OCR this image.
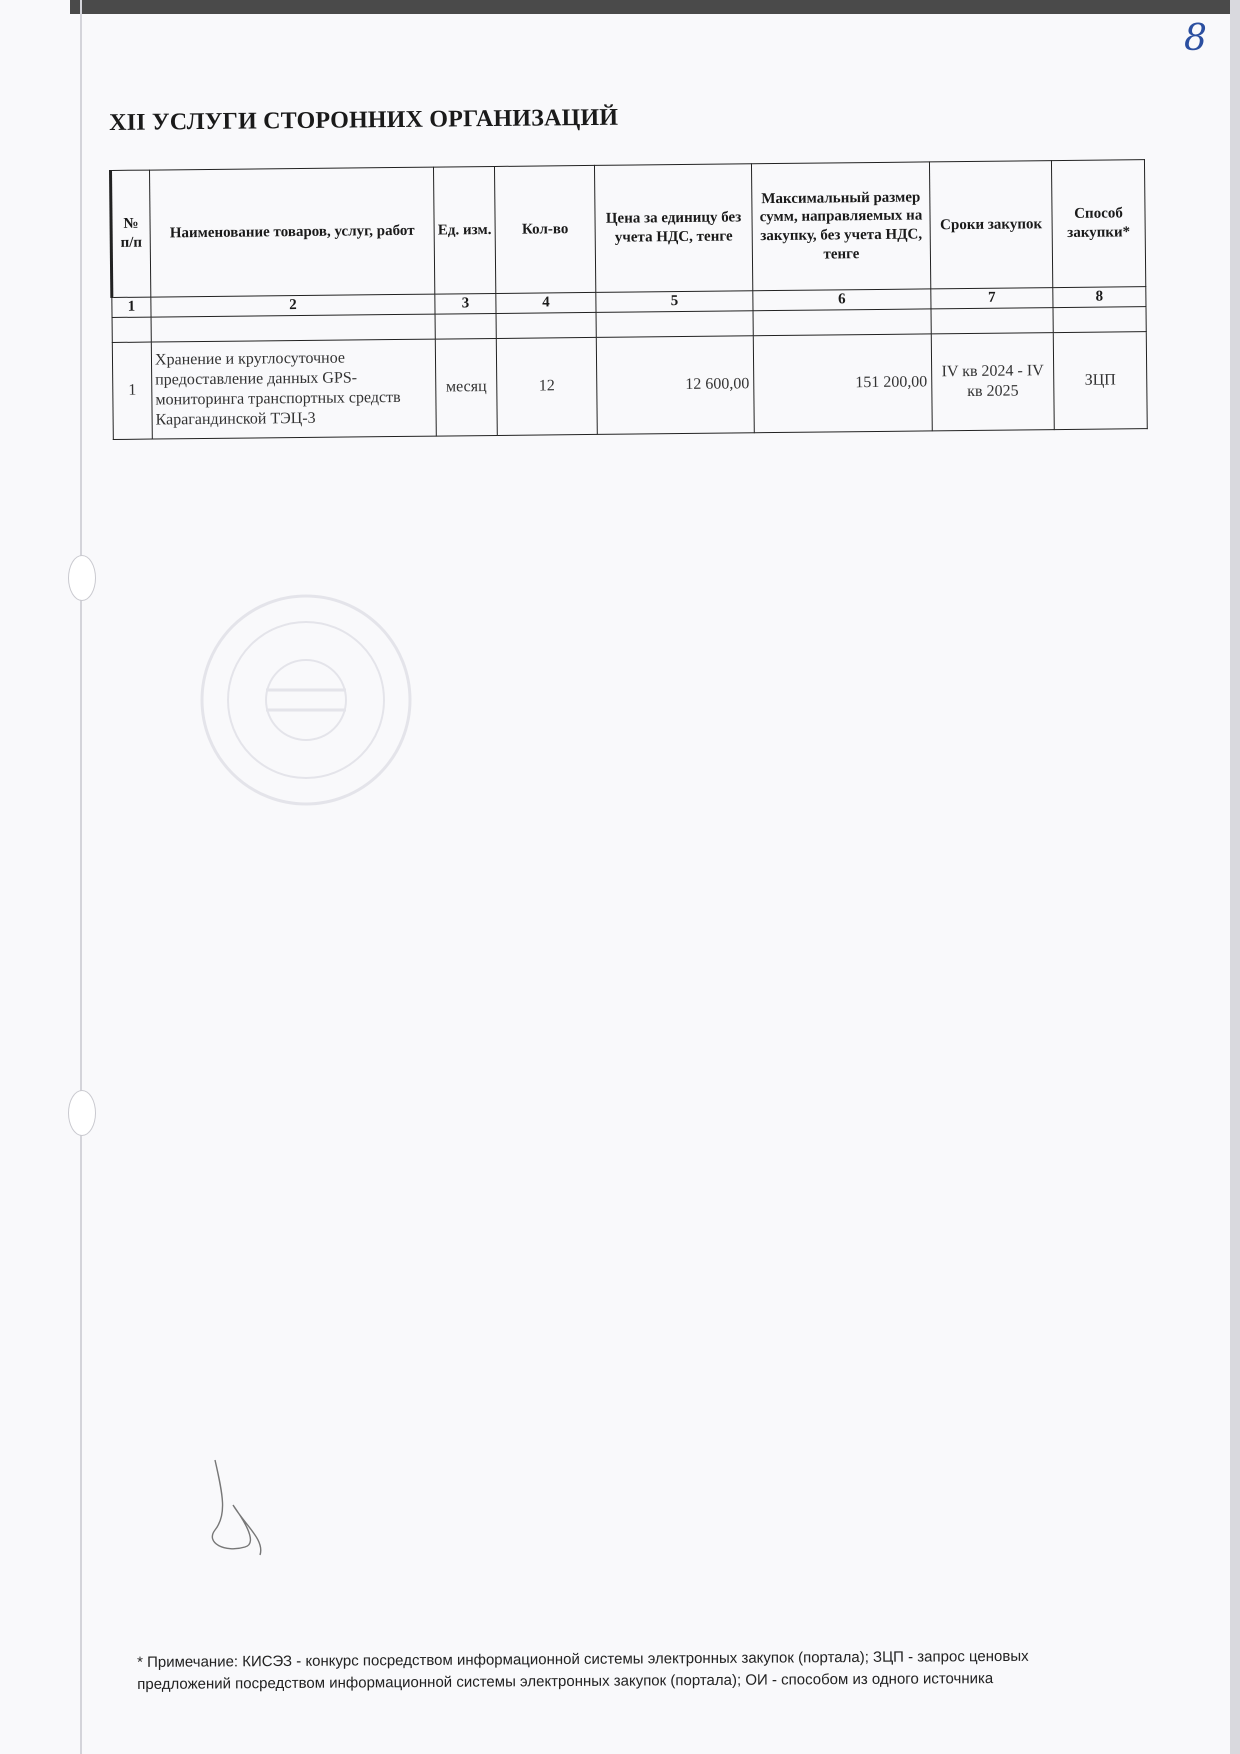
8
XII УСЛУГИ СТОРОННИХ ОРГАНИЗАЦИЙ
№ п/п	Наименование товаров, услуг, работ	Ед. изм.	Кол-во	Цена за единицу без учета НДС, тенге	Максимальный размер сумм, направляемых на закупку, без учета НДС, тенге	Сроки закупок	Способ закупки*
1	2	3	4	5	6	7	8

1	Хранение и круглосуточное предоставление данных GPS-мониторинга транспортных средств Карагандинской ТЭЦ-3	месяц	12	12 600,00	151 200,00	IV кв 2024 - IV кв 2025	ЗЦП

* Примечание: КИСЭЗ - конкурс посредством информационной системы электронных закупок (портала); ЗЦП - запрос ценовых предложений посредством информационной системы электронных закупок (портала); ОИ - способом из одного источника
